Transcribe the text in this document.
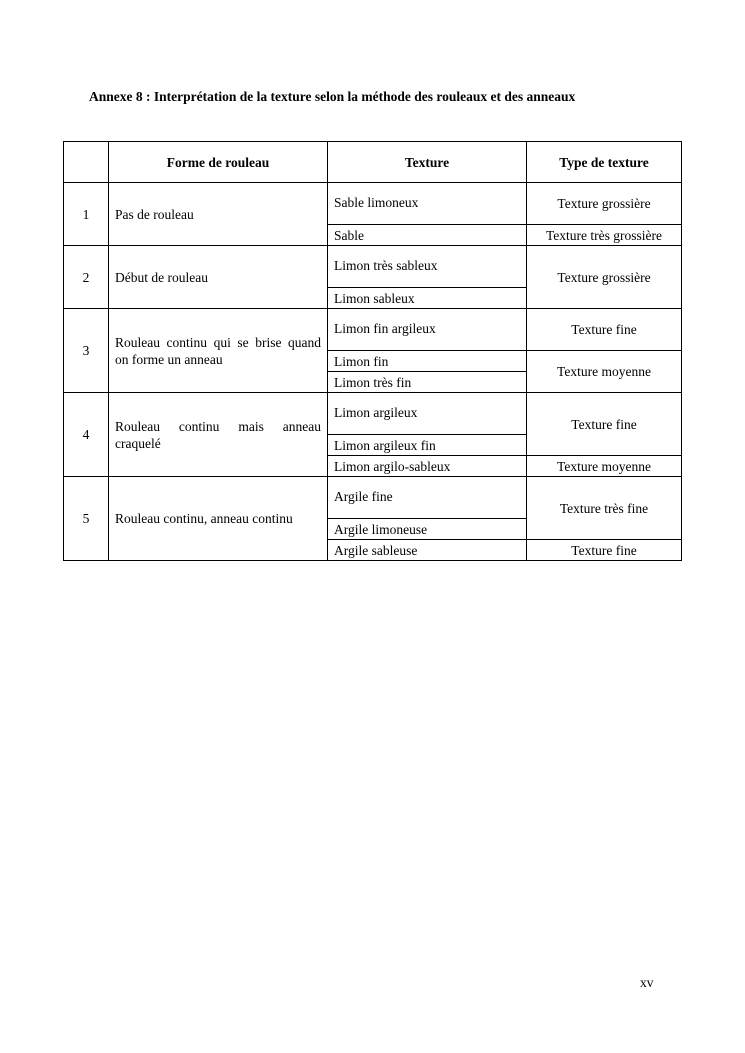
Annexe 8 : Interprétation de la texture selon la méthode des rouleaux et des anneaux
	Forme de rouleau	Texture	Type de texture
1	Pas de rouleau	Sable limoneux	Texture grossière
		Sable	Texture très grossière
2	Début de rouleau	Limon très sableux	Texture grossière
		Limon sableux	
3	Rouleau continu qui se brise quand on forme un anneau	Limon fin argileux	Texture fine
		Limon fin	Texture moyenne
		Limon très fin	
4	Rouleau continu mais anneau craquelé	Limon argileux	Texture fine
		Limon argileux fin	
		Limon argilo-sableux	Texture moyenne
5	Rouleau continu, anneau continu	Argile fine	Texture très fine
		Argile limoneuse	
		Argile sableuse	Texture fine
xv
